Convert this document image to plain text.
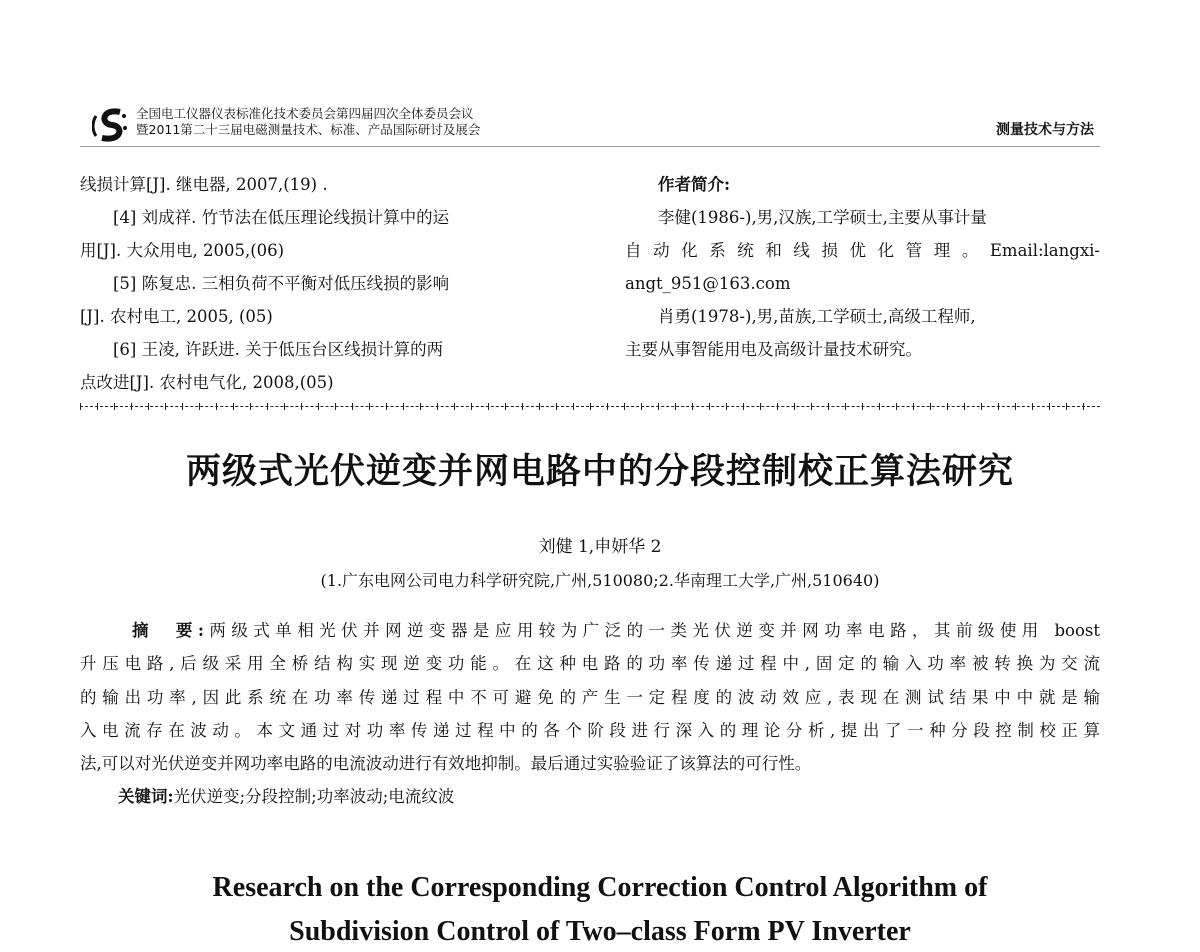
全国电工仪器仪表标准化技术委员会第四届四次全体委员会议
暨2011第二十三届电磁测量技术、标准、产品国际研讨及展会	测量技术与方法
线损计算[J]. 继电器, 2007,(19) .
[4] 刘成祥. 竹节法在低压理论线损计算中的运
用[J]. 大众用电, 2005,(06)
[5] 陈复忠. 三相负荷不平衡对低压线损的影响
[J]. 农村电工, 2005, (05)
[6] 王凌, 许跃进. 关于低压台区线损计算的两
点改进[J]. 农村电气化, 2008,(05)
作者简介:
李健(1986-),男,汉族,工学硕士,主要从事计量
自动化系统和线损优化管理。Email:langxi-
angt_951@163.com
肖勇(1978-),男,苗族,工学硕士,高级工程师,
主要从事智能用电及高级计量技术研究。
两级式光伏逆变并网电路中的分段控制校正算法研究
刘健 1,申妍华 2
(1.广东电网公司电力科学研究院,广州,510080;2.华南理工大学,广州,510640)
摘　要:两级式单相光伏并网逆变器是应用较为广泛的一类光伏逆变并网功率电路，其前级使用 boost
升压电路,后级采用全桥结构实现逆变功能。在这种电路的功率传递过程中,固定的输入功率被转换为交流
的输出功率,因此系统在功率传递过程中不可避免的产生一定程度的波动效应,表现在测试结果中中就是输
入电流存在波动。本文通过对功率传递过程中的各个阶段进行深入的理论分析,提出了一种分段控制校正算
法,可以对光伏逆变并网功率电路的电流波动进行有效地抑制。最后通过实验验证了该算法的可行性。
关键词:光伏逆变;分段控制;功率波动;电流纹波
Research on the Corresponding Correction Control Algorithm of
Subdivision Control of Two–class Form PV Inverter
